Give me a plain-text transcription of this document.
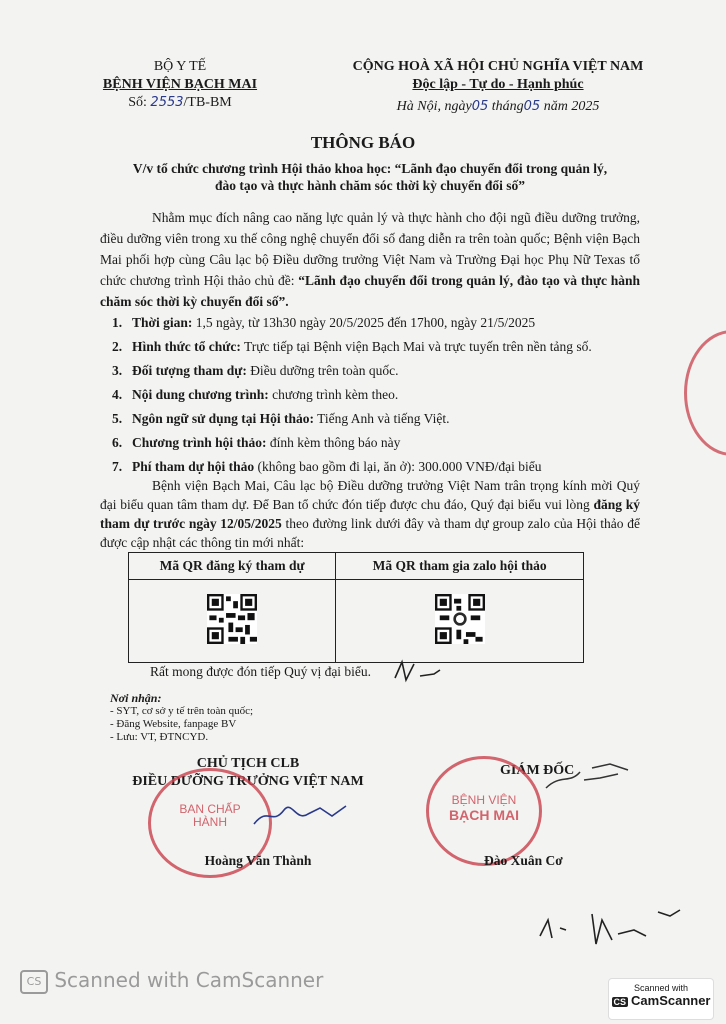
BỘ Y TẾ
BỆNH VIỆN BẠCH MAI
Số: 2553/TB-BM
CỘNG HOÀ XÃ HỘI CHỦ NGHĨA VIỆT NAM
Độc lập - Tự do - Hạnh phúc
Hà Nội, ngày05 tháng05 năm 2025
THÔNG BÁO
V/v tổ chức chương trình Hội thảo khoa học: “Lãnh đạo chuyển đổi trong quản lý,
đào tạo và thực hành chăm sóc thời kỳ chuyển đổi số”
Nhằm mục đích nâng cao năng lực quản lý và thực hành cho đội ngũ điều dưỡng trưởng, điều dưỡng viên trong xu thế công nghệ chuyển đổi số đang diễn ra trên toàn quốc; Bệnh viện Bạch Mai phối hợp cùng Câu lạc bộ Điều dưỡng trưởng Việt Nam và Trường Đại học Phụ Nữ Texas tổ chức chương trình Hội thảo chủ đề: “Lãnh đạo chuyển đổi trong quản lý, đào tạo và thực hành chăm sóc thời kỳ chuyển đổi số”.
1. Thời gian: 1,5 ngày, từ 13h30 ngày 20/5/2025 đến 17h00, ngày 21/5/2025
2. Hình thức tổ chức: Trực tiếp tại Bệnh viện Bạch Mai và trực tuyến trên nền tảng số.
3. Đối tượng tham dự: Điều dưỡng trên toàn quốc.
4. Nội dung chương trình: chương trình kèm theo.
5. Ngôn ngữ sử dụng tại Hội thảo: Tiếng Anh và tiếng Việt.
6. Chương trình hội thảo: đính kèm thông báo này
7. Phí tham dự hội thảo (không bao gồm đi lại, ăn ở): 300.000 VNĐ/đại biểu
Bệnh viện Bạch Mai, Câu lạc bộ Điều dưỡng trưởng Việt Nam trân trọng kính mời Quý đại biểu quan tâm tham dự. Để Ban tổ chức đón tiếp được chu đáo, Quý đại biểu vui lòng đăng ký tham dự trước ngày 12/05/2025 theo đường link dưới đây và tham dự group zalo của Hội thảo để được cập nhật các thông tin mới nhất:
Mã QR đăng ký tham dự	Mã QR tham gia zalo hội thảo

Rất mong được đón tiếp Quý vị đại biểu.
Nơi nhận:
- SYT, cơ sở y tế trên toàn quốc;
- Đăng Website, fanpage BV
- Lưu: VT, ĐTNCYD.
CHỦ TỊCH CLB
ĐIỀU DƯỠNG TRƯỞNG VIỆT NAM
BAN CHẤP HÀNH
Hoàng Văn Thành
GIÁM ĐỐC
BỆNH VIỆN
BẠCH MAI
Đào Xuân Cơ
CS Scanned with CamScanner	Scanned with
CS CamScanner
